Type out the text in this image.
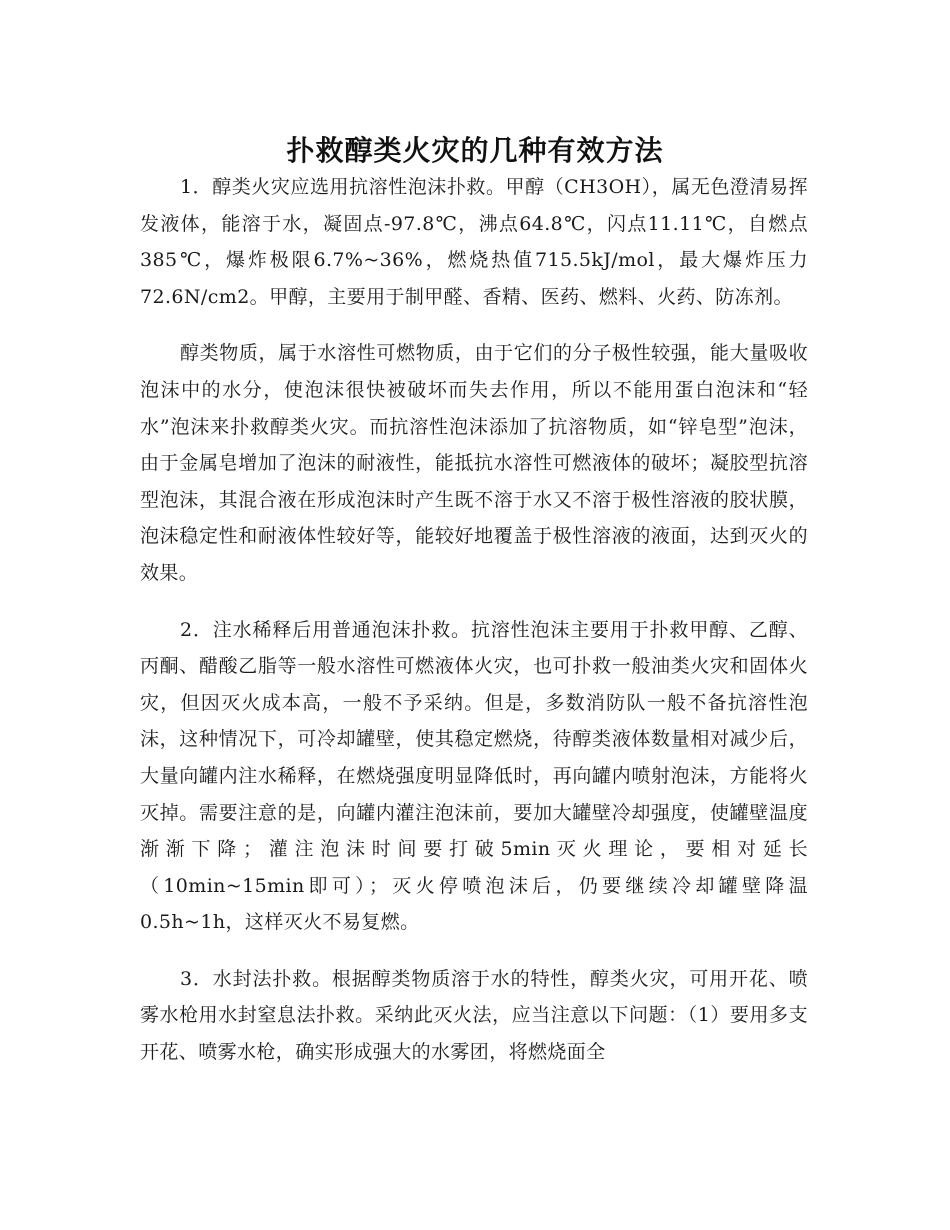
扑救醇类火灾的几种有效方法

1．醇类火灾应选用抗溶性泡沫扑救。甲醇（CH3OH），属无色澄清易挥发液体，能溶于水，凝固点-97.8℃，沸点64.8℃，闪点11.11℃，自燃点385℃，爆炸极限6.7%~36%，燃烧热值715.5kJ/mol，最大爆炸压力72.6N/cm2。甲醇，主要用于制甲醛、香精、医药、燃料、火药、防冻剂。

醇类物质，属于水溶性可燃物质，由于它们的分子极性较强，能大量吸收泡沫中的水分，使泡沫很快被破坏而失去作用，所以不能用蛋白泡沫和“轻水”泡沫来扑救醇类火灾。而抗溶性泡沫添加了抗溶物质，如“锌皂型”泡沫，由于金属皂增加了泡沫的耐液性，能抵抗水溶性可燃液体的破坏；凝胶型抗溶型泡沫，其混合液在形成泡沫时产生既不溶于水又不溶于极性溶液的胶状膜，泡沫稳定性和耐液体性较好等，能较好地覆盖于极性溶液的液面，达到灭火的效果。

2．注水稀释后用普通泡沫扑救。抗溶性泡沫主要用于扑救甲醇、乙醇、丙酮、醋酸乙脂等一般水溶性可燃液体火灾，也可扑救一般油类火灾和固体火灾，但因灭火成本高，一般不予采纳。但是，多数消防队一般不备抗溶性泡沫，这种情况下，可冷却罐壁，使其稳定燃烧，待醇类液体数量相对减少后，大量向罐内注水稀释，在燃烧强度明显降低时，再向罐内喷射泡沫，方能将火灭掉。需要注意的是，向罐内灌注泡沫前，要加大罐壁冷却强度，使罐壁温度渐渐下降；灌注泡沫时间要打破5min灭火理论，要相对延长（10min~15min即可）；灭火停喷泡沫后，仍要继续冷却罐壁降温0.5h~1h，这样灭火不易复燃。

3．水封法扑救。根据醇类物质溶于水的特性，醇类火灾，可用开花、喷雾水枪用水封窒息法扑救。采纳此灭火法，应当注意以下问题：（1）要用多支开花、喷雾水枪，确实形成强大的水雾团，将燃烧面全
